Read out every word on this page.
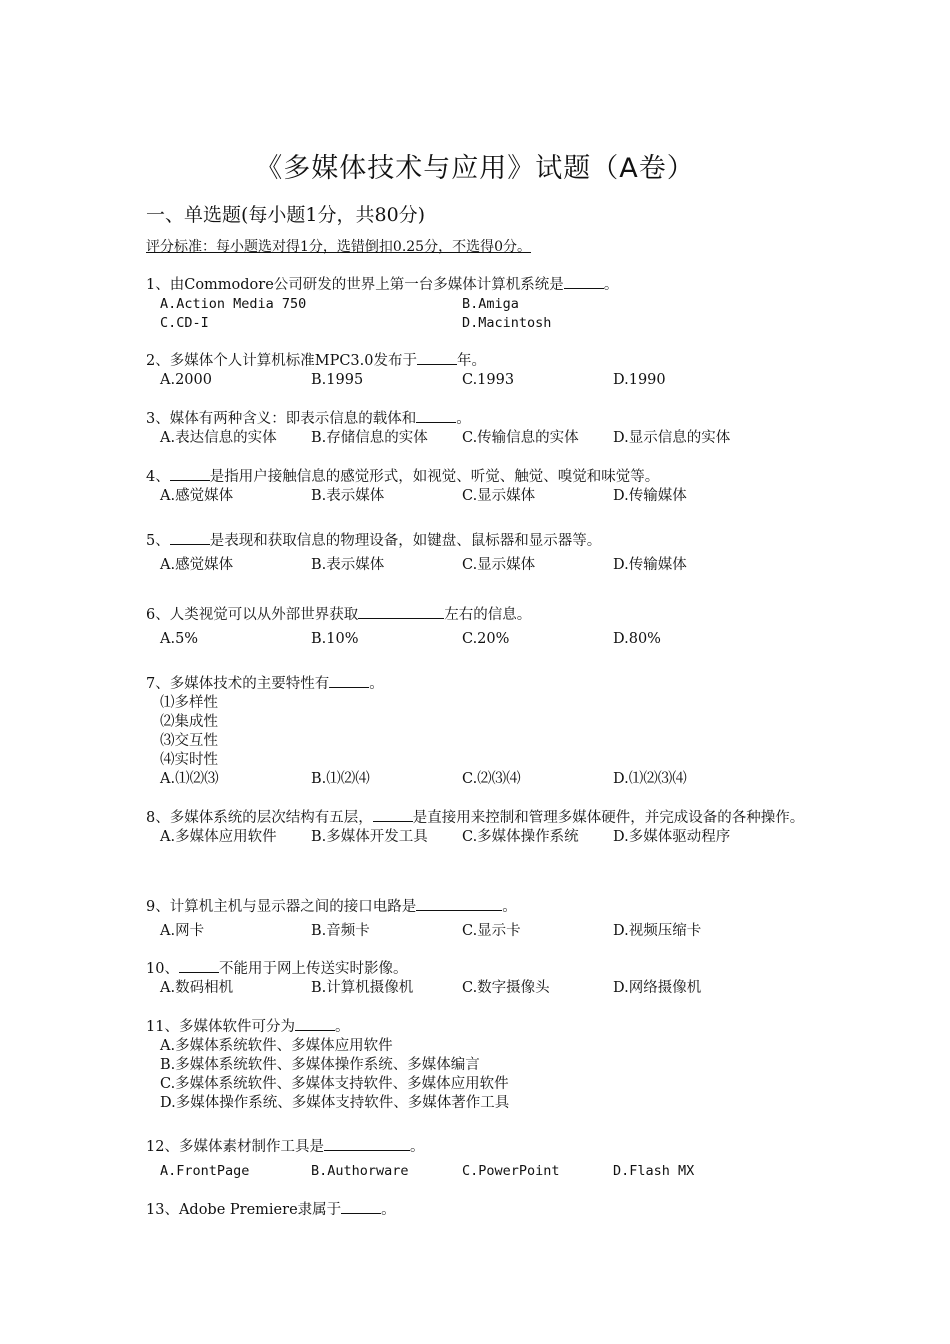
《多媒体技术与应用》试题（A卷）
一、单选题(每小题1分，共80分)
评分标准：每小题选对得1分，选错倒扣0.25分，不选得0分。
1、由Commodore公司研发的世界上第一台多媒体计算机系统是	。
A.Action Media 750	B.Amiga
C.CD-I	D.Macintosh
2、多媒体个人计算机标准MPC3.0发布于	年。
A.2000	B.1995	C.1993	D.1990
3、媒体有两种含义：即表示信息的载体和	。
A.表达信息的实体 B.存储信息的实体 C.传输信息的实体 D.显示信息的实体
4、	是指用户接触信息的感觉形式，如视觉、听觉、触觉、嗅觉和味觉等。
A.感觉媒体	B.表示媒体	C.显示媒体	D.传输媒体
5、	是表现和获取信息的物理设备，如键盘、鼠标器和显示器等。
A.感觉媒体	B.表示媒体	C.显示媒体	D.传输媒体
6、人类视觉可以从外部世界获取	左右的信息。
A.5%	B.10%	C.20%	D.80%
7、多媒体技术的主要特性有	。
⑴多样性
⑵集成性
⑶交互性
⑷实时性
A.⑴⑵⑶	B.⑴⑵⑷	C.⑵⑶⑷	D.⑴⑵⑶⑷
8、多媒体系统的层次结构有五层，	是直接用来控制和管理多媒体硬件，并完成设备的各种操作。
A.多媒体应用软件 B.多媒体开发工具 C.多媒体操作系统 D.多媒体驱动程序
9、计算机主机与显示器之间的接口电路是	。
A.网卡	B.音频卡	C.显示卡	D.视频压缩卡
10、	不能用于网上传送实时影像。
A.数码相机	B.计算机摄像机	C.数字摄像头	D.网络摄像机
11、多媒体软件可分为	。
A.多媒体系统软件、多媒体应用软件
B.多媒体系统软件、多媒体操作系统、多媒体编言
C.多媒体系统软件、多媒体支持软件、多媒体应用软件
D.多媒体操作系统、多媒体支持软件、多媒体著作工具
12、多媒体素材制作工具是	。
A.FrontPage	B.Authorware	C.PowerPoint	D.Flash MX
13、Adobe Premiere隶属于	。
